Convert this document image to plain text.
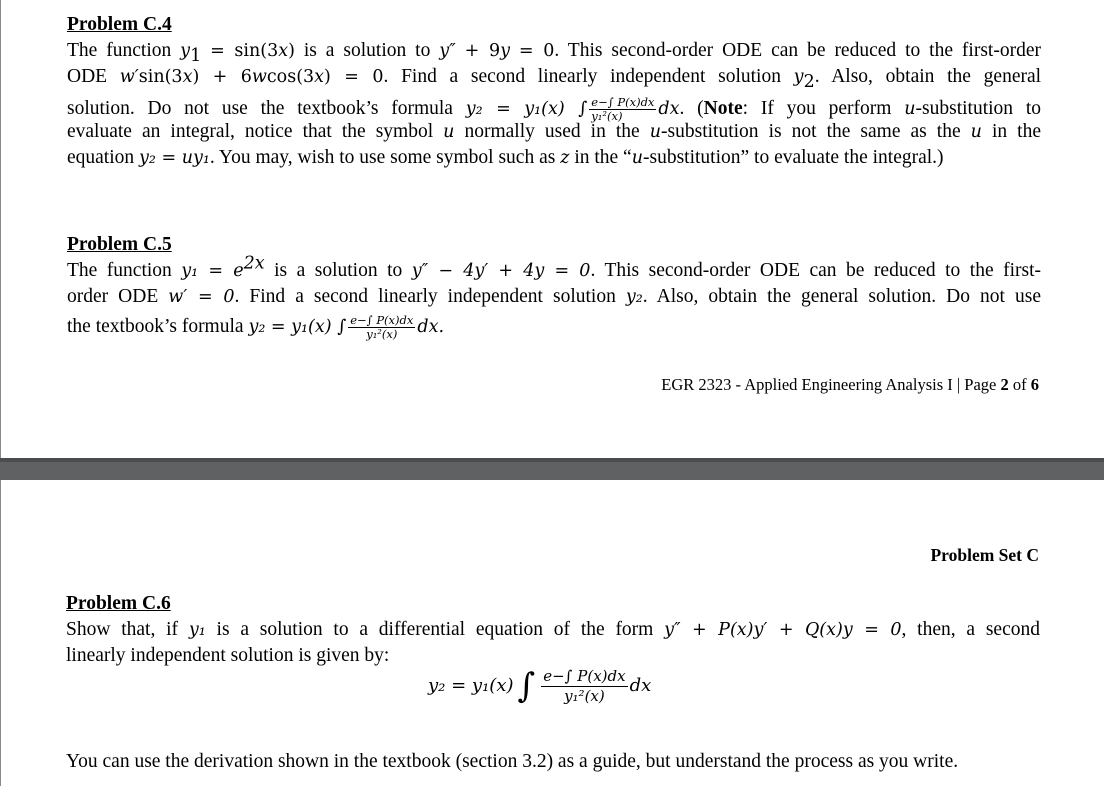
Problem C.4
The function $y_1 = \sin(3x)$ is a solution to y″ + 9y = 0. This second-order ODE can be reduced to the first-order
ODE w′sin(3x) + 6wcos(3x) = 0. Find a second linearly independent solution $y_2$. Also, obtain the general
solution. Do not use the textbook’s formula y₂ = y₁(x) ∫ $\frac{e-\int P(x)dx}{\text{y₁²(x)}}$ dx. (Note: If you perform u-substitution to
evaluate an integral, notice that the symbol u normally used in the u-substitution is not the same as the u in the
equation y₂ = uy₁. You may, wish to use some symbol such as z in the “u-substitution” to evaluate the integral.)
Problem C.5
The function $y_1 = e^{2x}$ is a solution to y″ − 4y′ + 4y = 0. This second-order ODE can be reduced to the first-
order ODE w′ = 0. Find a second linearly independent solution y₂. Also, obtain the general solution. Do not use
the textbook’s formula y₂ = y₁(x) ∫ $\frac{e-\int P(x)dx}{\text{y₁²(x)}}$ dx.
EGR 2323 - Applied Engineering Analysis I | Page 2 of 6
Problem Set C
Problem C.6
Show that, if y₁ is a solution to a differential equation of the form y″ + P(x)y′ + Q(x)y = 0, then, a second
linearly independent solution is given by:
y₂ = y₁(x) ∫ $\frac{e-\int P(x)dx}{\text{y₁²(x)}}$ dx
You can use the derivation shown in the textbook (section 3.2) as a guide, but understand the process as you write.
